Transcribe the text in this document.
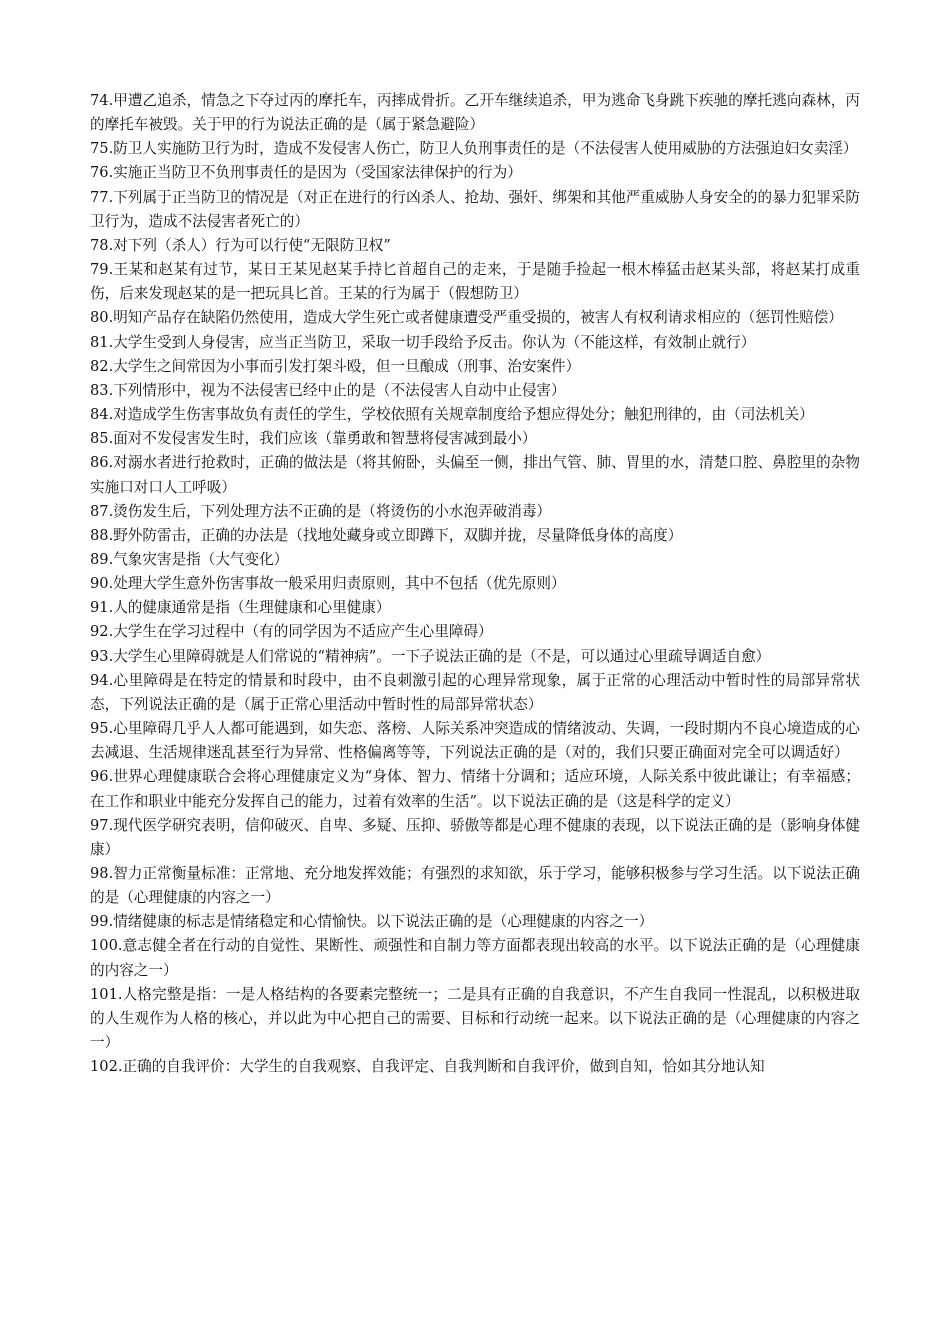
74.甲遭乙追杀，情急之下夺过丙的摩托车，丙摔成骨折。乙开车继续追杀，甲为逃命飞身跳下疾驰的摩托逃向森林，丙的摩托车被毁。关于甲的行为说法正确的是（属于紧急避险）

75.防卫人实施防卫行为时，造成不发侵害人伤亡，防卫人负刑事责任的是（不法侵害人使用威胁的方法强迫妇女卖淫）

76.实施正当防卫不负刑事责任的是因为（受国家法律保护的行为）

77.下列属于正当防卫的情况是（对正在进行的行凶杀人、抢劫、强奸、绑架和其他严重威胁人身安全的的暴力犯罪采防卫行为，造成不法侵害者死亡的）

78.对下列（杀人）行为可以行使“无限防卫权”

79.王某和赵某有过节，某日王某见赵某手持匕首超自己的走来，于是随手捡起一根木棒猛击赵某头部，将赵某打成重伤，后来发现赵某的是一把玩具匕首。王某的行为属于（假想防卫）

80.明知产品存在缺陷仍然使用，造成大学生死亡或者健康遭受严重受损的，被害人有权利请求相应的（惩罚性赔偿）

81.大学生受到人身侵害，应当正当防卫，采取一切手段给予反击。你认为（不能这样，有效制止就行）

82.大学生之间常因为小事而引发打架斗殴，但一旦酿成（刑事、治安案件）

83.下列情形中，视为不法侵害已经中止的是（不法侵害人自动中止侵害）

84.对造成学生伤害事故负有责任的学生，学校依照有关规章制度给予想应得处分；触犯刑律的，由（司法机关）

85.面对不发侵害发生时，我们应该（靠勇敢和智慧将侵害减到最小）

86.对溺水者进行抢救时，正确的做法是（将其俯卧，头偏至一侧，排出气管、肺、胃里的水，清楚口腔、鼻腔里的杂物实施口对口人工呼吸）

87.烫伤发生后，下列处理方法不正确的是（将烫伤的小水泡弄破消毒）

88.野外防雷击，正确的办法是（找地处藏身或立即蹲下，双脚并拢，尽量降低身体的高度）

89.气象灾害是指（大气变化）

90.处理大学生意外伤害事故一般采用归责原则，其中不包括（优先原则）

91.人的健康通常是指（生理健康和心里健康）

92.大学生在学习过程中（有的同学因为不适应产生心里障碍）

93.大学生心里障碍就是人们常说的“精神病”。一下子说法正确的是（不是，可以通过心里疏导调适自愈）

94.心里障碍是在特定的情景和时段中，由不良刺激引起的心理异常现象，属于正常的心理活动中暂时性的局部异常状态，下列说法正确的是（属于正常心里活动中暂时性的局部异常状态）

95.心里障碍几乎人人都可能遇到，如失恋、落榜、人际关系冲突造成的情绪波动、失调，一段时期内不良心境造成的心去减退、生活规律迷乱甚至行为异常、性格偏离等等，下列说法正确的是（对的，我们只要正确面对完全可以调适好）

96.世界心理健康联合会将心理健康定义为“身体、智力、情绪十分调和；适应环境，人际关系中彼此谦让；有幸福感；在工作和职业中能充分发挥自己的能力，过着有效率的生活”。以下说法正确的是（这是科学的定义）

97.现代医学研究表明，信仰破灭、自卑、多疑、压抑、骄傲等都是心理不健康的表现，以下说法正确的是（影响身体健康）

98.智力正常衡量标准：正常地、充分地发挥效能；有强烈的求知欲，乐于学习，能够积极参与学习生活。以下说法正确的是（心理健康的内容之一）

99.情绪健康的标志是情绪稳定和心情愉快。以下说法正确的是（心理健康的内容之一）

100.意志健全者在行动的自觉性、果断性、顽强性和自制力等方面都表现出较高的水平。以下说法正确的是（心理健康的内容之一）

101.人格完整是指：一是人格结构的各要素完整统一；二是具有正确的自我意识，不产生自我同一性混乱，以积极进取的人生观作为人格的核心，并以此为中心把自己的需要、目标和行动统一起来。以下说法正确的是（心理健康的内容之一）

102.正确的自我评价：大学生的自我观察、自我评定、自我判断和自我评价，做到自知，恰如其分地认知
